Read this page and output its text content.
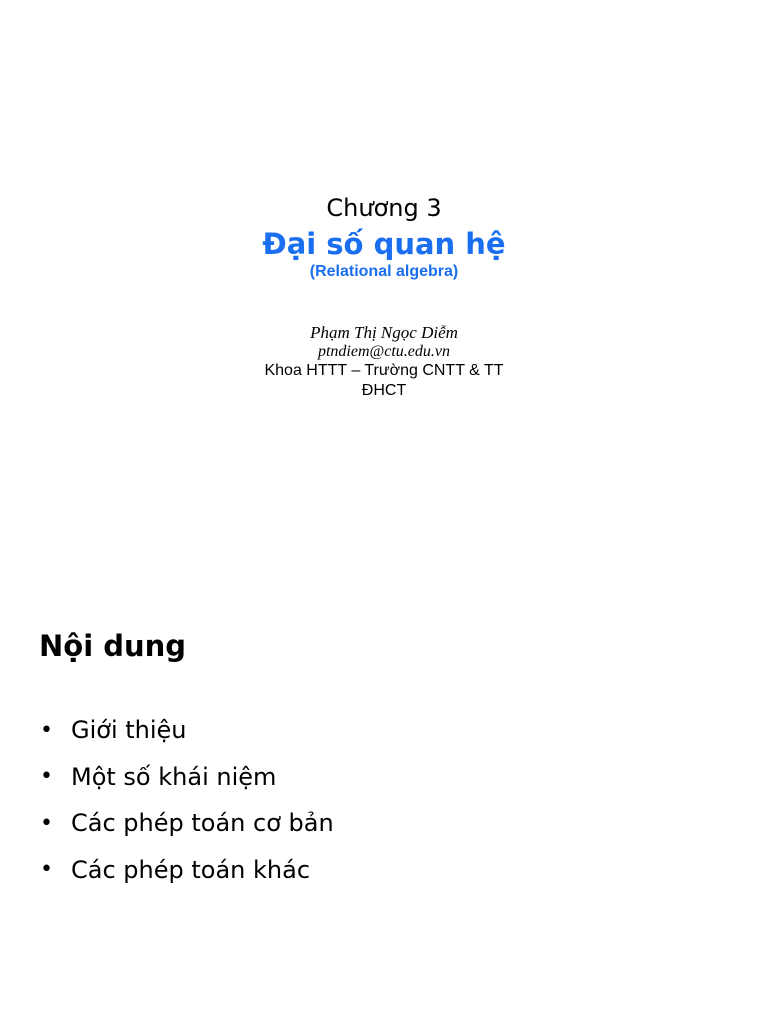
Chương 3
Đại số quan hệ
(Relational algebra)
Phạm Thị Ngọc Diễm
ptndiem@ctu.edu.vn
Khoa HTTT – Trường CNTT & TT
ĐHCT
Nội dung
• Giới thiệu
• Một số khái niệm
• Các phép toán cơ bản
• Các phép toán khác
